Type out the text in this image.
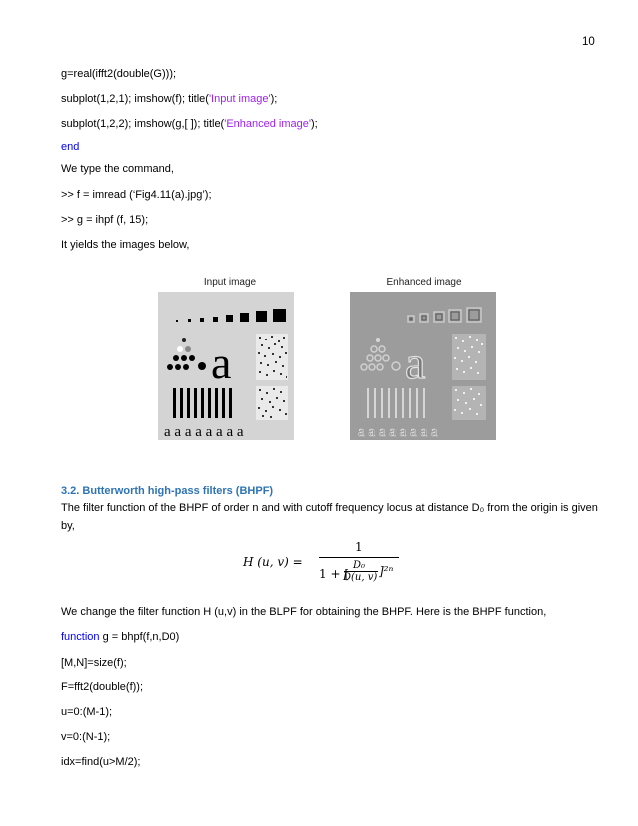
10
g=real(ifft2(double(G)));
subplot(1,2,1); imshow(f); title('Input image');
subplot(1,2,2); imshow(g,[ ]); title('Enhanced image');
end
We type the command,
>> f = imread (‘Fig4.11(a).jpg’);
>> g = ihpf (f, 15);
It yields the images below,
Input image	Enhanced image
a
a a a a a a a a
a
a a a a a a a a
3.2. Butterworth high-pass filters (BHPF)
The filter function of the BHPF of order n and with cutoff frequency locus at distance D₀ from the origin is given by,
H (u, v) =
1
1 + [
D₀
D(u, v) ]²ⁿ
We change the filter function H (u,v) in the BLPF for obtaining the BHPF. Here is the BHPF function,
function g = bhpf(f,n,D0)
[M,N]=size(f);
F=fft2(double(f));
u=0:(M-1);
v=0:(N-1);
idx=find(u>M/2);
